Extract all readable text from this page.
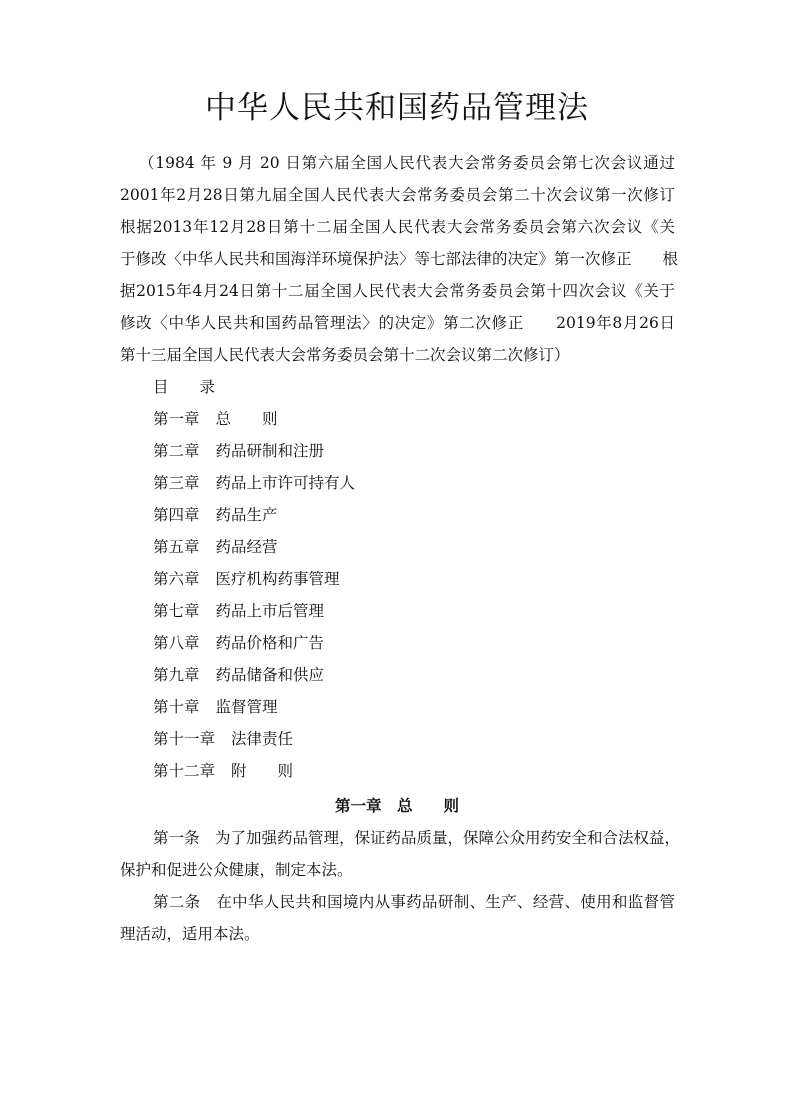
中华人民共和国药品管理法
（1984 年 9 月 20 日第六届全国人民代表大会常务委员会第七次会议通过
2001年2月28日第九届全国人民代表大会常务委员会第二十次会议第一次修订
根据2013年12月28日第十二届全国人民代表大会常务委员会第六次会议《关
于修改〈中华人民共和国海洋环境保护法〉等七部法律的决定》第一次修正　　根
据2015年4月24日第十二届全国人民代表大会常务委员会第十四次会议《关于
修改〈中华人民共和国药品管理法〉的决定》第二次修正　　2019年8月26日
第十三届全国人民代表大会常务委员会第十二次会议第二次修订）
目　　录
第一章 总　　则
第二章 药品研制和注册
第三章 药品上市许可持有人
第四章 药品生产
第五章 药品经营
第六章 医疗机构药事管理
第七章 药品上市后管理
第八章 药品价格和广告
第九章 药品储备和供应
第十章 监督管理
第十一章 法律责任
第十二章 附　　则
第一章　总　　则
第一条　 为了加强药品管理，保证药品质量，保障公众用药安全和合法权益，
保护和促进公众健康，制定本法。
第二条　 在中华人民共和国境内从事药品研制、生产、经营、使用和监督管
理活动，适用本法。
